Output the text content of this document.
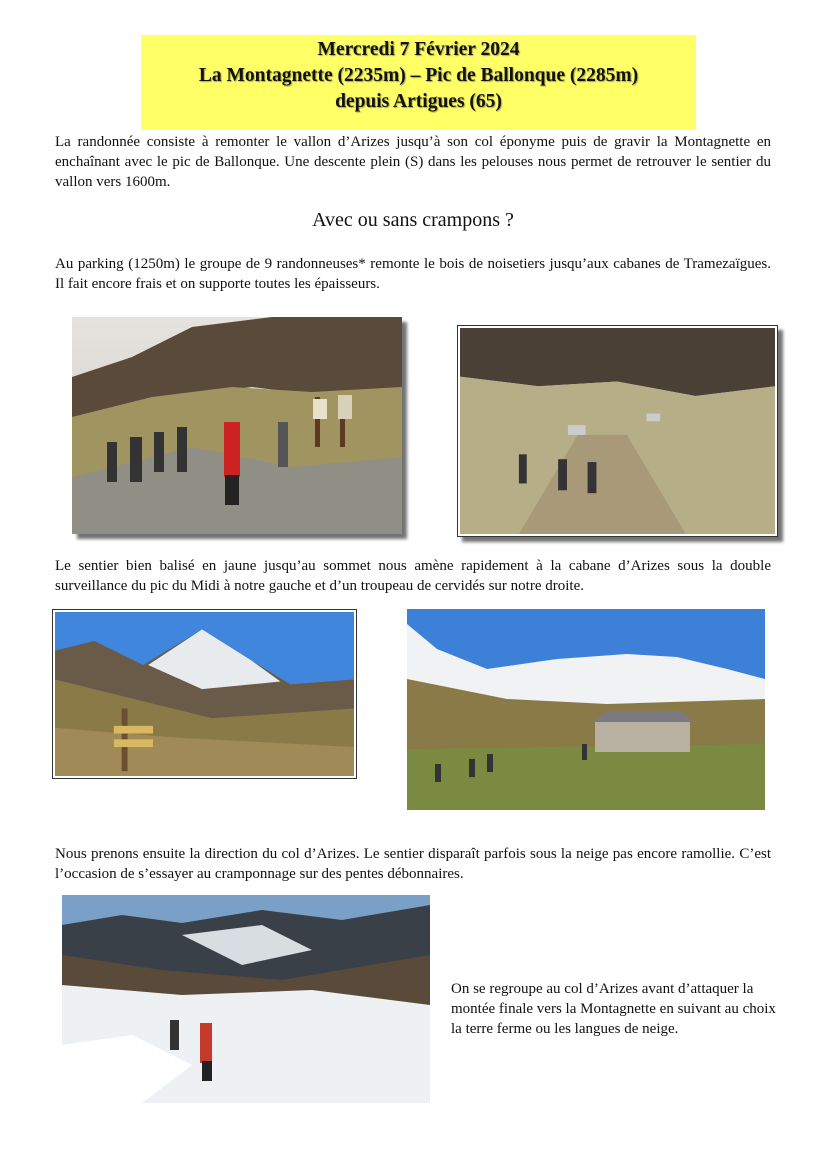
Mercredi 7 Février 2024
La Montagnette (2235m) – Pic de Ballonque (2285m)
depuis Artigues (65)

La randonnée consiste à remonter le vallon d’Arizes jusqu’à son col éponyme puis de gravir la Montagnette en enchaînant avec le pic de Ballonque. Une descente plein (S) dans les pelouses nous permet de retrouver le sentier du vallon vers 1600m.

Avec ou sans crampons ?

Au parking (1250m) le groupe de 9 randonneuses* remonte le bois de noisetiers jusqu’aux cabanes de Tramezaïgues. Il fait encore frais et on supporte toutes les épaisseurs.

Le sentier bien balisé en jaune jusqu’au sommet nous amène rapidement à la cabane d’Arizes sous la double surveillance du pic du Midi à notre gauche et d’un troupeau de cervidés sur notre droite.

Nous prenons ensuite la direction du col d’Arizes. Le sentier disparaît parfois sous la neige pas encore ramollie. C’est l’occasion de s’essayer au cramponnage sur des pentes débonnaires.

On se regroupe au col d’Arizes avant d’attaquer la montée finale vers la Montagnette en suivant au choix la terre ferme ou les langues de neige.
